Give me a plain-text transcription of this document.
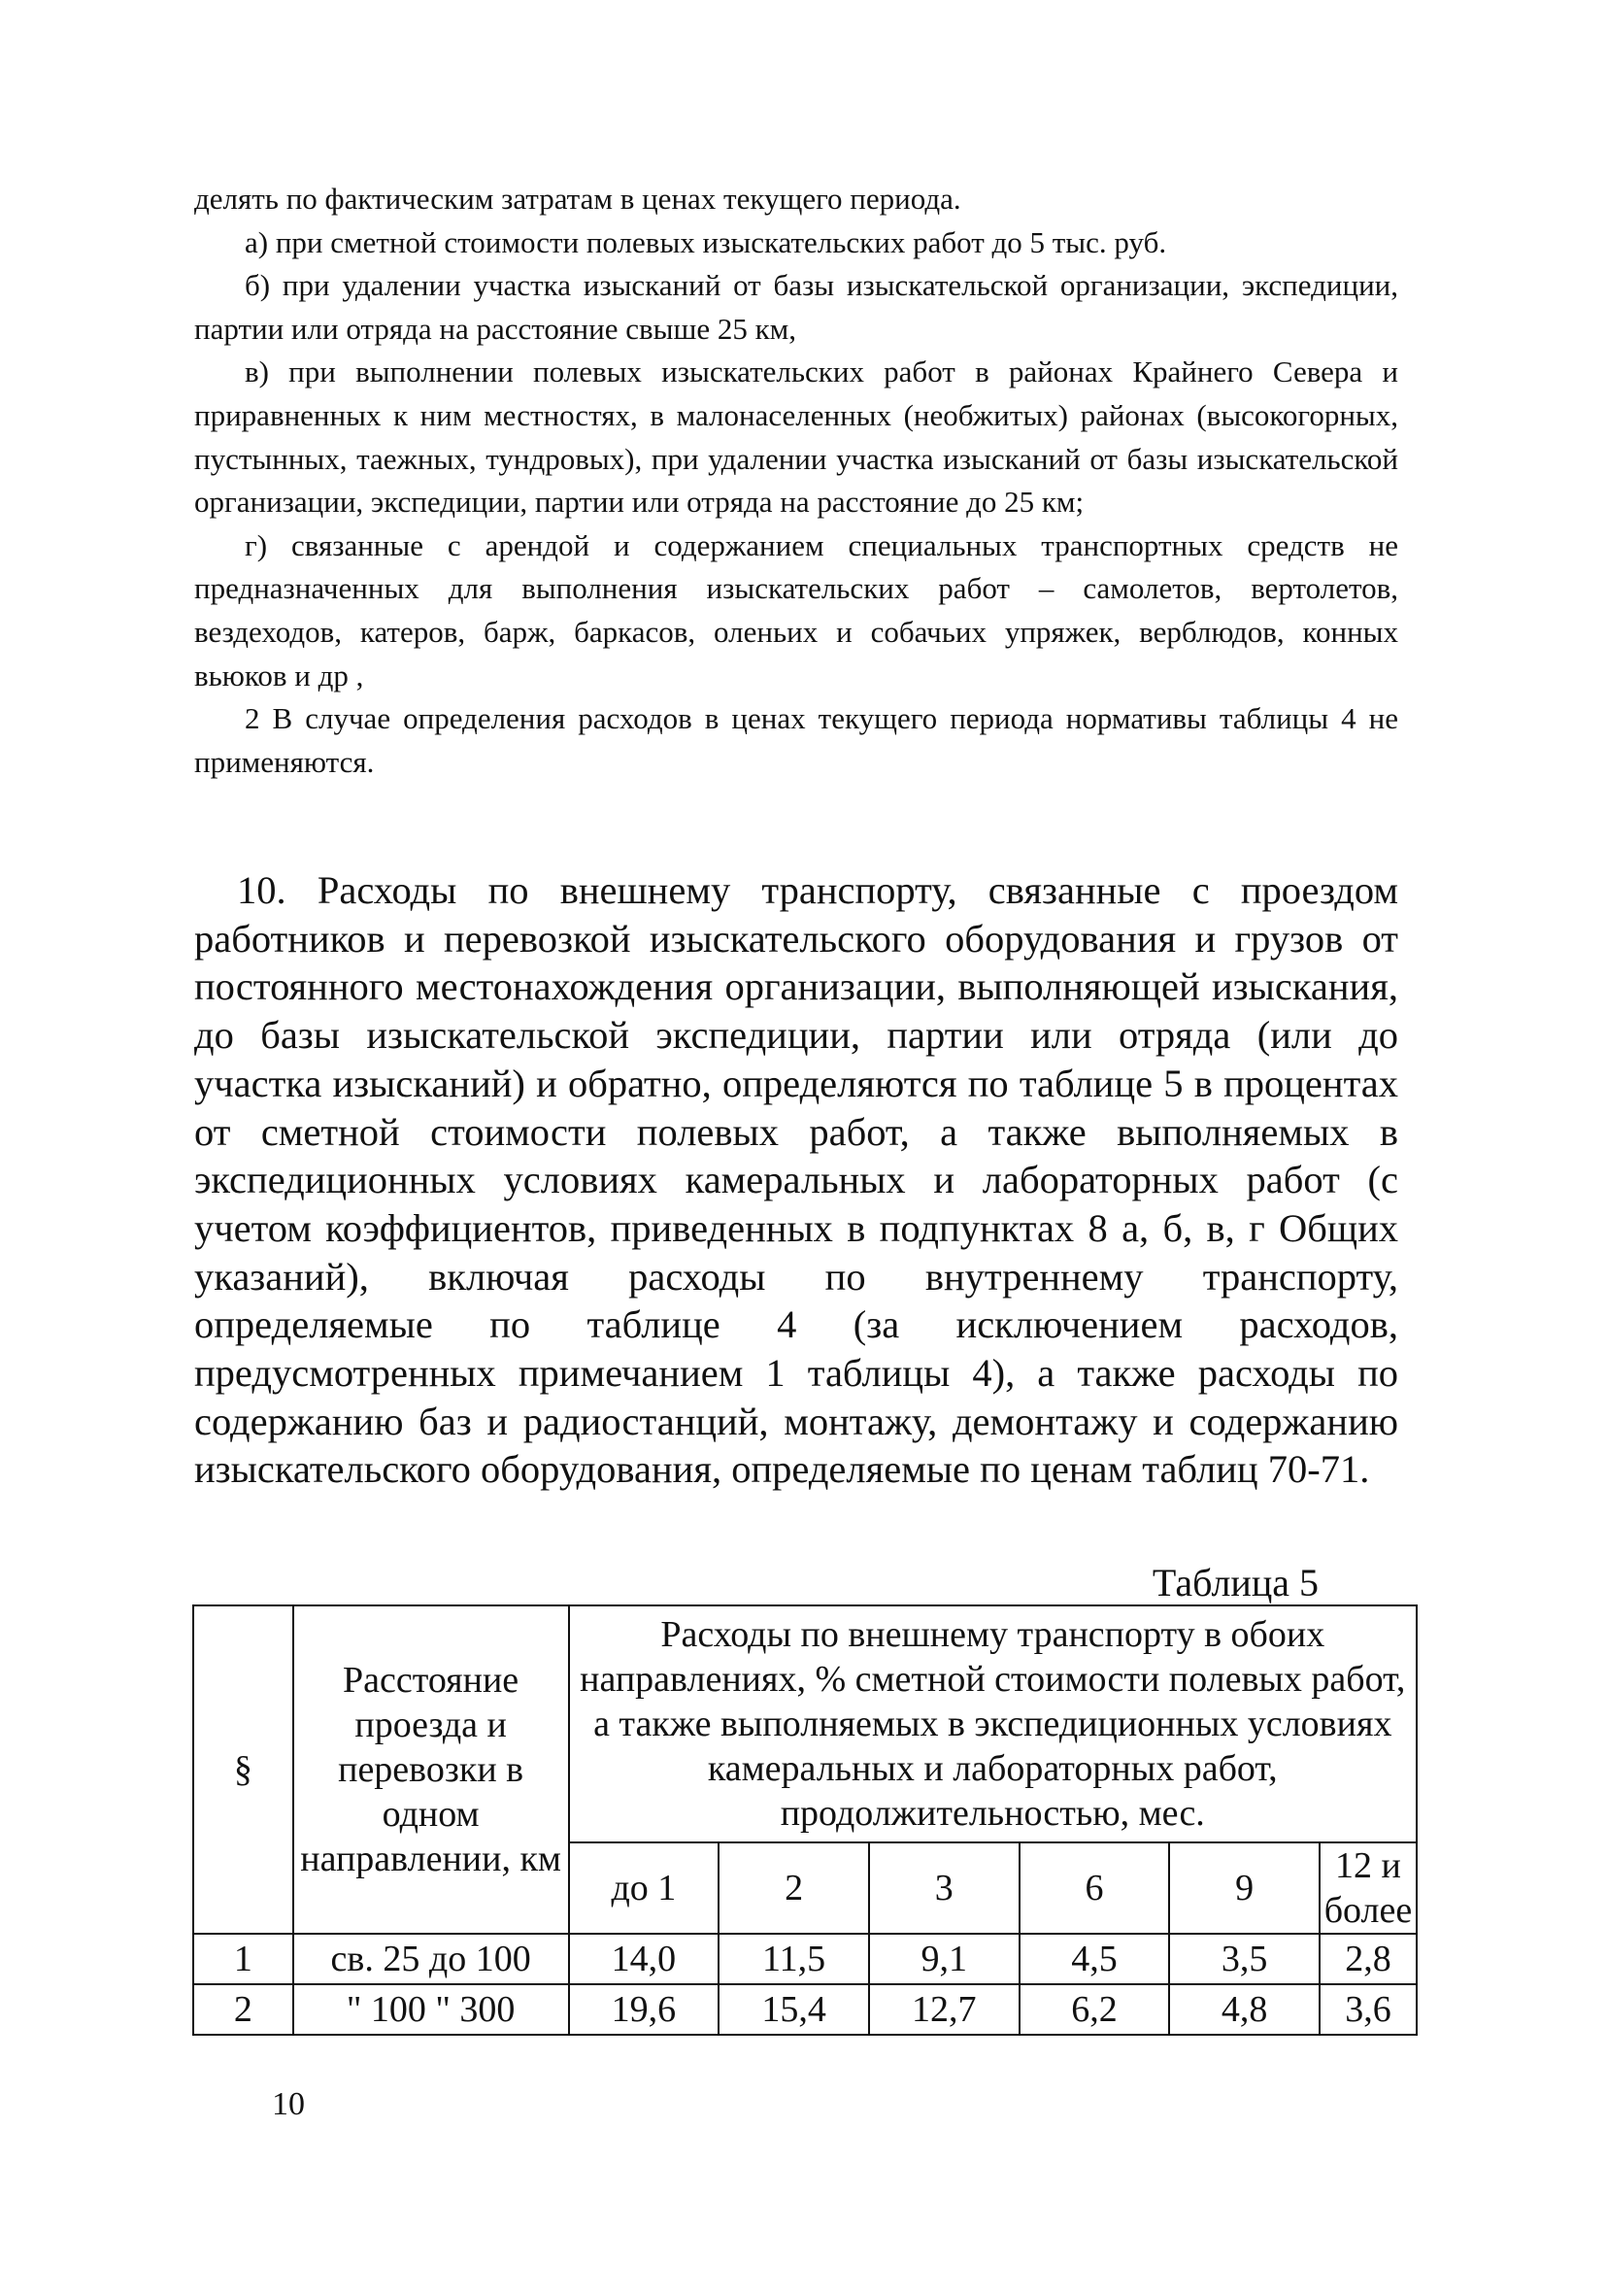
делять по фактическим затратам в ценах текущего периода.

а) при сметной стоимости полевых изыскательских работ до 5 тыс. руб.

б) при удалении участка изысканий от базы изыскательской организации, экспедиции, партии или отряда на расстояние свыше 25 км,

в) при выполнении полевых изыскательских работ в районах Крайнего Севера и приравненных к ним местностях, в малонаселенных (необжитых) районах (высокогорных, пустынных, таежных, тундровых), при удалении участка изысканий от базы изыскательской организации, экспедиции, партии или отряда на расстояние до 25 км;

г) связанные с арендой и содержанием специальных транспортных средств не предназначенных для выполнения изыскательских работ – самолетов, вертолетов, вездеходов, катеров, барж, баркасов, оленьих и собачьих упряжек, верблюдов, конных вьюков и др ,

2 В случае определения расходов в ценах текущего периода нормативы таблицы 4 не применяются.

10. Расходы по внешнему транспорту, связанные с проездом работников и перевозкой изыскательского оборудования и грузов от постоянного местонахождения организации, выполняющей изыскания, до базы изыскательской экспедиции, партии или отряда (или до участка изысканий) и обратно, определяются по таблице 5 в процентах от сметной стоимости полевых работ, а также выполняемых в экспедиционных условиях камеральных и лабораторных работ (с учетом коэффициентов, приведенных в подпунктах 8 а, б, в, г Общих указаний), включая расходы по внутреннему транспорту, определяемые по таблице 4 (за исключением расходов, предусмотренных примечанием 1 таблицы 4), а также расходы по содержанию баз и радиостанций, монтажу, демонтажу и содержанию изыскательского оборудования, определяемые по ценам таблиц 70-71.

Таблица 5
§	Расстояние проезда и перевозки в одном направлении, км	Расходы по внешнему транспорту в обоих направлениях, % сметной стоимости полевых работ, а также выполняемых в экспедиционных условиях камеральных и лабораторных работ, продолжительностью, мес.					
		до 1	2	3	6	9	12 и более
1	св. 25 до 100	14,0	11,5	9,1	4,5	3,5	2,8
2	" 100 " 300	19,6	15,4	12,7	6,2	4,8	3,6
10
